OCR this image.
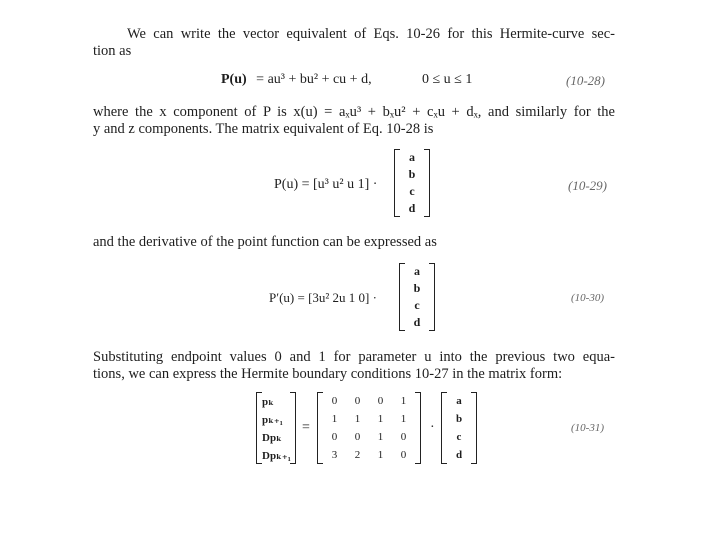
We can write the vector equivalent of Eqs. 10-26 for this Hermite-curve sec-
tion as
P(u) = au³ + bu² + cu + d,	0 ≤ u ≤ 1	(10-28)
where the x component of P is x(u) = aₓu³ + bₓu² + cₓu + dₓ, and similarly for the
y and z components. The matrix equivalent of Eq. 10-28 is
P(u) = [u³ u² u 1] ·
a
b
c
d
(10-29)
and the derivative of the point function can be expressed as
P′(u) = [3u² 2u 1 0] ·
a
b
c
d
(10-30)
Substituting endpoint values 0 and 1 for parameter u into the previous two equa-
tions, we can express the Hermite boundary conditions 10-27 in the matrix form:
pₖ
pₖ₊₁
Dpₖ
Dpₖ₊₁
=
0 0 0 1
1 1 1 1
0 0 1 0
3 2 1 0
·
a
b
c
d
(10-31)
